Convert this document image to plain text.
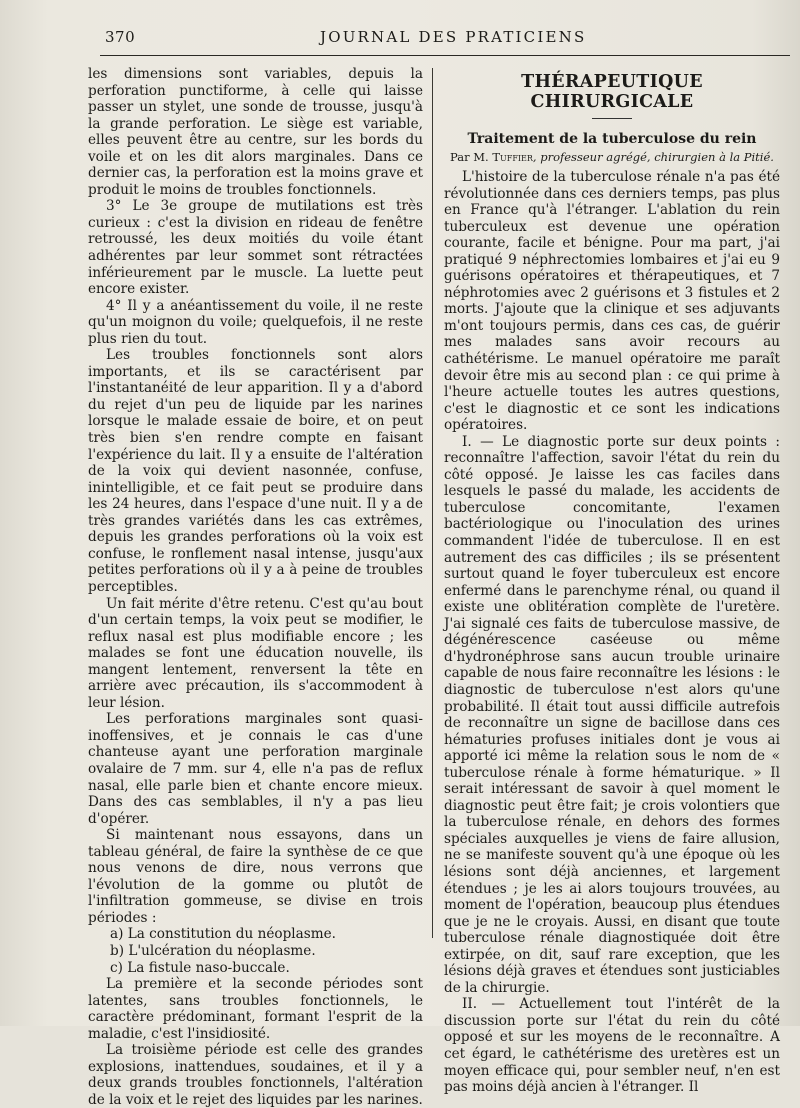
370	JOURNAL DES PRATICIENS

les dimensions sont variables, depuis la perforation punctiforme, à celle qui laisse passer un stylet, une sonde de trousse, jusqu'à la grande perforation. Le siège est variable, elles peuvent être au centre, sur les bords du voile et on les dit alors marginales. Dans ce dernier cas, la perforation est la moins grave et produit le moins de troubles fonctionnels.

3° Le 3e groupe de mutilations est très curieux : c'est la division en rideau de fenêtre retroussé, les deux moitiés du voile étant adhérentes par leur sommet sont rétractées inférieurement par le muscle. La luette peut encore exister.

4° Il y a anéantissement du voile, il ne reste qu'un moignon du voile; quelquefois, il ne reste plus rien du tout.

Les troubles fonctionnels sont alors importants, et ils se caractérisent par l'instantanéité de leur apparition. Il y a d'abord du rejet d'un peu de liquide par les narines lorsque le malade essaie de boire, et on peut très bien s'en rendre compte en faisant l'expérience du lait. Il y a ensuite de l'altération de la voix qui devient nasonnée, confuse, inintelligible, et ce fait peut se produire dans les 24 heures, dans l'espace d'une nuit. Il y a de très grandes variétés dans les cas extrêmes, depuis les grandes perforations où la voix est confuse, le ronflement nasal intense, jusqu'aux petites perforations où il y a à peine de troubles perceptibles.

Un fait mérite d'être retenu. C'est qu'au bout d'un certain temps, la voix peut se modifier, le reflux nasal est plus modifiable encore ; les malades se font une éducation nouvelle, ils mangent lentement, renversent la tête en arrière avec précaution, ils s'accommodent à leur lésion.

Les perforations marginales sont quasi-inoffensives, et je connais le cas d'une chanteuse ayant une perforation marginale ovalaire de 7 mm. sur 4, elle n'a pas de reflux nasal, elle parle bien et chante encore mieux. Dans des cas semblables, il n'y a pas lieu d'opérer.

Si maintenant nous essayons, dans un tableau général, de faire la synthèse de ce que nous venons de dire, nous verrons que l'évolution de la gomme ou plutôt de l'infiltration gommeuse, se divise en trois périodes :

a) La constitution du néoplasme.

b) L'ulcération du néoplasme.

c) La fistule naso-buccale.

La première et la seconde périodes sont latentes, sans troubles fonctionnels, le caractère prédominant, formant l'esprit de la maladie, c'est l'insidiosité.

La troisième période est celle des grandes explosions, inattendues, soudaines, et il y a deux grands troubles fonctionnels, l'altération de la voix et le rejet des liquides par les narines.

THÉRAPEUTIQUE CHIRURGICALE
Traitement de la tuberculose du rein
Par M. Tuffier, professeur agrégé, chirurgien à la Pitié.

L'histoire de la tuberculose rénale n'a pas été révolutionnée dans ces derniers temps, pas plus en France qu'à l'étranger. L'ablation du rein tuberculeux est devenue une opération courante, facile et bénigne. Pour ma part, j'ai pratiqué 9 néphrectomies lombaires et j'ai eu 9 guérisons opératoires et thérapeutiques, et 7 néphrotomies avec 2 guérisons et 3 fistules et 2 morts. J'ajoute que la clinique et ses adjuvants m'ont toujours permis, dans ces cas, de guérir mes malades sans avoir recours au cathétérisme. Le manuel opératoire me paraît devoir être mis au second plan : ce qui prime à l'heure actuelle toutes les autres questions, c'est le diagnostic et ce sont les indications opératoires.

I. — Le diagnostic porte sur deux points : reconnaître l'affection, savoir l'état du rein du côté opposé. Je laisse les cas faciles dans lesquels le passé du malade, les accidents de tuberculose concomitante, l'examen bactériologique ou l'inoculation des urines commandent l'idée de tuberculose. Il en est autrement des cas difficiles ; ils se présentent surtout quand le foyer tuberculeux est encore enfermé dans le parenchyme rénal, ou quand il existe une oblitération complète de l'uretère. J'ai signalé ces faits de tuberculose massive, de dégénérescence caséeuse ou même d'hydronéphrose sans aucun trouble urinaire capable de nous faire reconnaître les lésions : le diagnostic de tuberculose n'est alors qu'une probabilité. Il était tout aussi difficile autrefois de reconnaître un signe de bacillose dans ces hématuries profuses initiales dont je vous ai apporté ici même la relation sous le nom de « tuberculose rénale à forme hématurique. » Il serait intéressant de savoir à quel moment le diagnostic peut être fait; je crois volontiers que la tuberculose rénale, en dehors des formes spéciales auxquelles je viens de faire allusion, ne se manifeste souvent qu'à une époque où les lésions sont déjà anciennes, et largement étendues ; je les ai alors toujours trouvées, au moment de l'opération, beaucoup plus étendues que je ne le croyais. Aussi, en disant que toute tuberculose rénale diagnostiquée doit être extirpée, on dit, sauf rare exception, que les lésions déjà graves et étendues sont justiciables de la chirurgie.

II. — Actuellement tout l'intérêt de la discussion porte sur l'état du rein du côté opposé et sur les moyens de le reconnaître. A cet égard, le cathétérisme des uretères est un moyen efficace qui, pour sembler neuf, n'en est pas moins déjà ancien à l'étranger. Il
